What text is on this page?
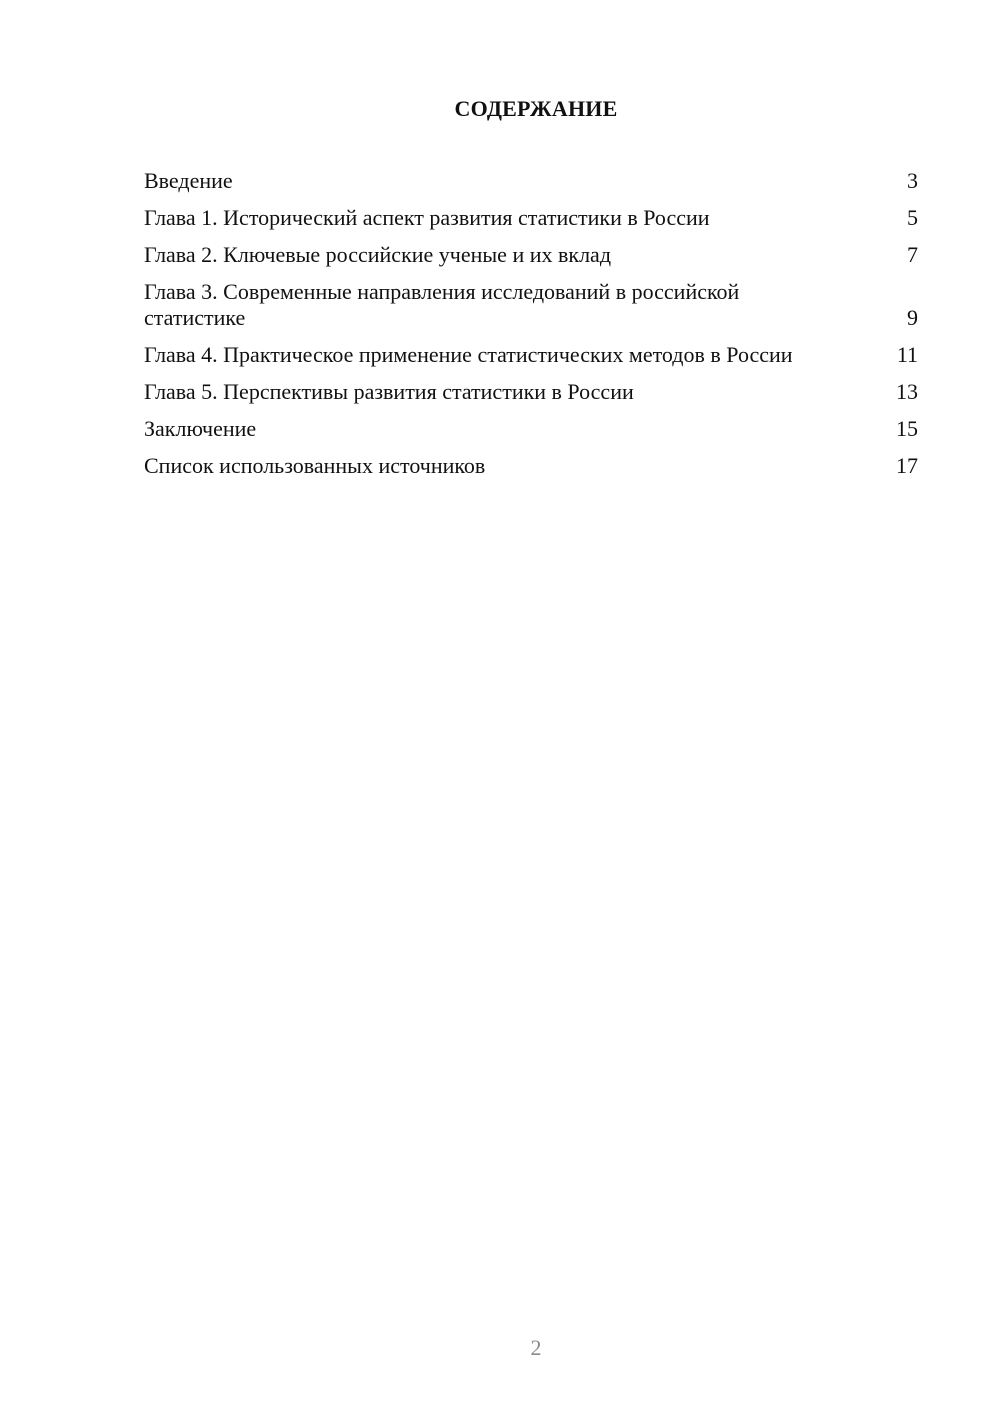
СОДЕРЖАНИЕ
Введение	3
Глава 1. Исторический аспект развития статистики в России	5
Глава 2. Ключевые российские ученые и их вклад	7
Глава 3. Современные направления исследований в российской статистике	9
Глава 4. Практическое применение статистических методов в России	11
Глава 5. Перспективы развития статистики в России	13
Заключение	15
Список использованных источников	17
2
